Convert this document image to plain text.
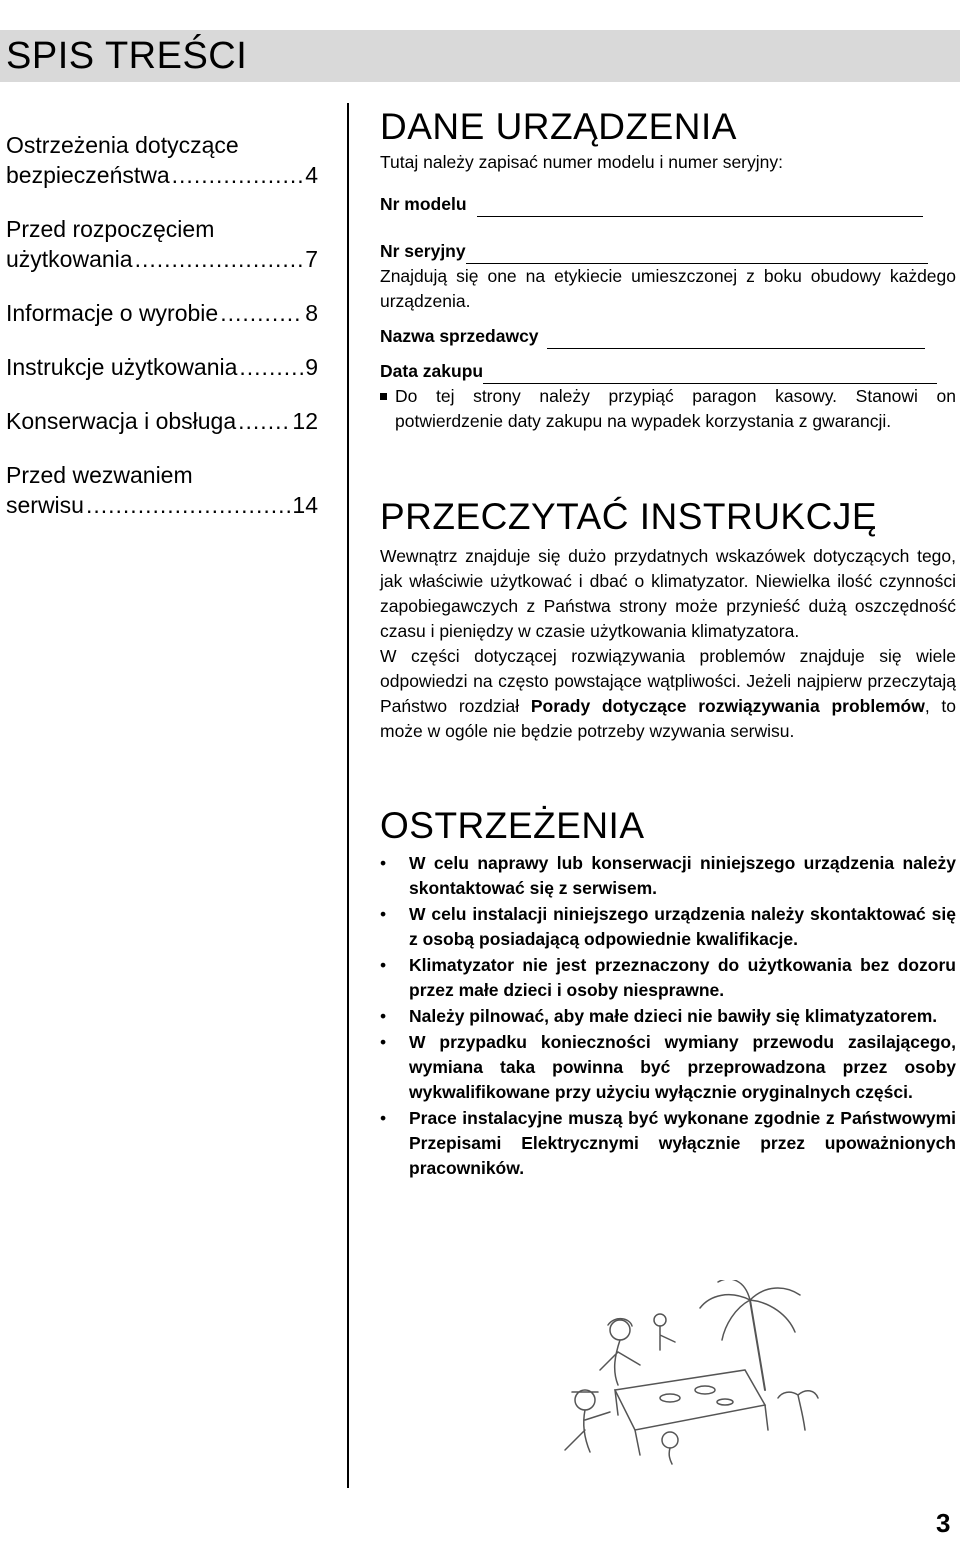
SPIS TREŚCI
Ostrzeżenia dotyczące
bezpieczeństwa .....	4
Przed rozpoczęciem
użytkowania .....	7
Informacje o wyrobie .....	8
Instrukcje użytkowania .....	9
Konserwacja i obsługa ..... 12
Przed wezwaniem
serwisu .....	14
DANE URZĄDZENIA
Tutaj należy zapisać numer modelu i numer seryjny:
Nr modelu
Nr seryjny
Znajdują się one na etykiecie umieszczonej z boku obudowy każdego urządzenia.
Nazwa sprzedawcy
Data zakupu
Do tej strony należy przypiąć paragon kasowy. Stanowi on potwierdzenie daty zakupu na wypadek korzystania z gwarancji.
PRZECZYTAĆ INSTRUKCJĘ
Wewnątrz znajduje się dużo przydatnych wskazówek dotyczących tego, jak właściwie użytkować i dbać o klimatyzator. Niewielka ilość czynności zapobiegawczych z Państwa strony może przynieść dużą oszczędność czasu i pieniędzy w czasie użytkowania klimatyzatora.
W części dotyczącej rozwiązywania problemów znajduje się wiele odpowiedzi na często powstające wątpliwości. Jeżeli najpierw przeczytają Państwo rozdział Porady dotyczące rozwiązywania problemów, to może w ogóle nie będzie potrzeby wzywania serwisu.
OSTRZEŻENIA
•	W celu naprawy lub konserwacji niniejszego urządzenia należy skontaktować się z serwisem.
•	W celu instalacji niniejszego urządzenia należy skontaktować się z osobą posiadającą odpowiednie kwalifikacje.
•	Klimatyzator nie jest przeznaczony do użytkowania bez dozoru przez małe dzieci i osoby niesprawne.
•	Należy pilnować, aby małe dzieci nie bawiły się klimatyzatorem.
•	W przypadku konieczności wymiany przewodu zasilającego, wymiana taka powinna być przeprowadzona przez osoby wykwalifikowane przy użyciu wyłącznie oryginalnych części.
•	Prace instalacyjne muszą być wykonane zgodnie z Państwowymi Przepisami Elektrycznymi wyłącznie przez upoważnionych pracowników.
3
